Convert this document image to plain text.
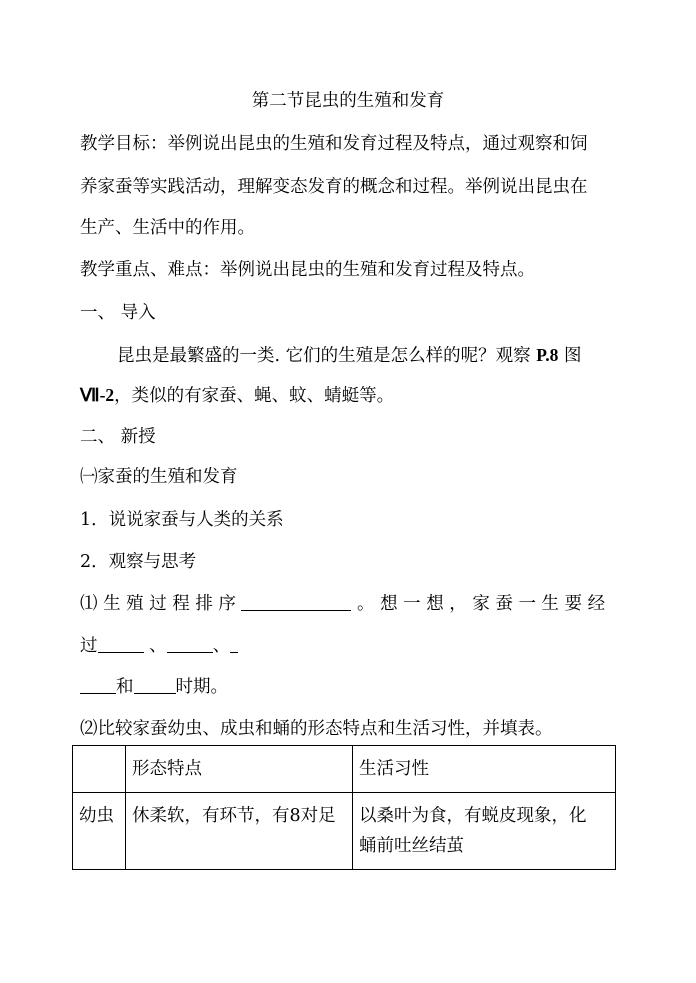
第二节昆虫的生殖和发育
教学目标：举例说出昆虫的生殖和发育过程及特点，通过观察和饲
养家蚕等实践活动，理解变态发育的概念和过程。举例说出昆虫在
生产、生活中的作用。
教学重点、难点：举例说出昆虫的生殖和发育过程及特点。
一、 导入
昆虫是最繁盛的一类. 它们的生殖是怎么样的呢？观察 P.8 图
Ⅶ-2，类似的有家蚕、蝇、蚊、蜻蜓等。
二、 新授
㈠家蚕的生殖和发育
1．说说家蚕与人类的关系
2．观察与思考
⑴ 生 殖 过 程 排 序	。 想 一 想 ， 家 蚕 一 生 要 经
过	、	、
和 时期。
⑵比较家蚕幼虫、成虫和蛹的形态特点和生活习性，并填表。
	形态特点	生活习性
幼虫	休柔软，有环节，有8对足	以桑叶为食，有蜕皮现象，化
蛹前吐丝结茧
